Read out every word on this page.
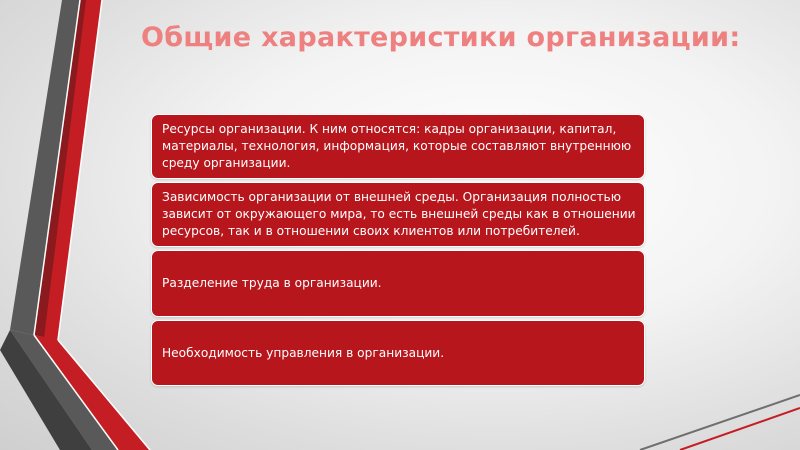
Общие характеристики организации:
Ресурсы организации. К ним относятся: кадры организации, капитал, материалы, технология, информация, которые составляют внутреннюю среду организации.
Зависимость организации от внешней среды. Организация полностью зависит от окружающего мира, то есть внешней среды как в отношении ресурсов, так и в отношении своих клиентов или потребителей.
Разделение труда в организации.
Необходимость управления в организации.
